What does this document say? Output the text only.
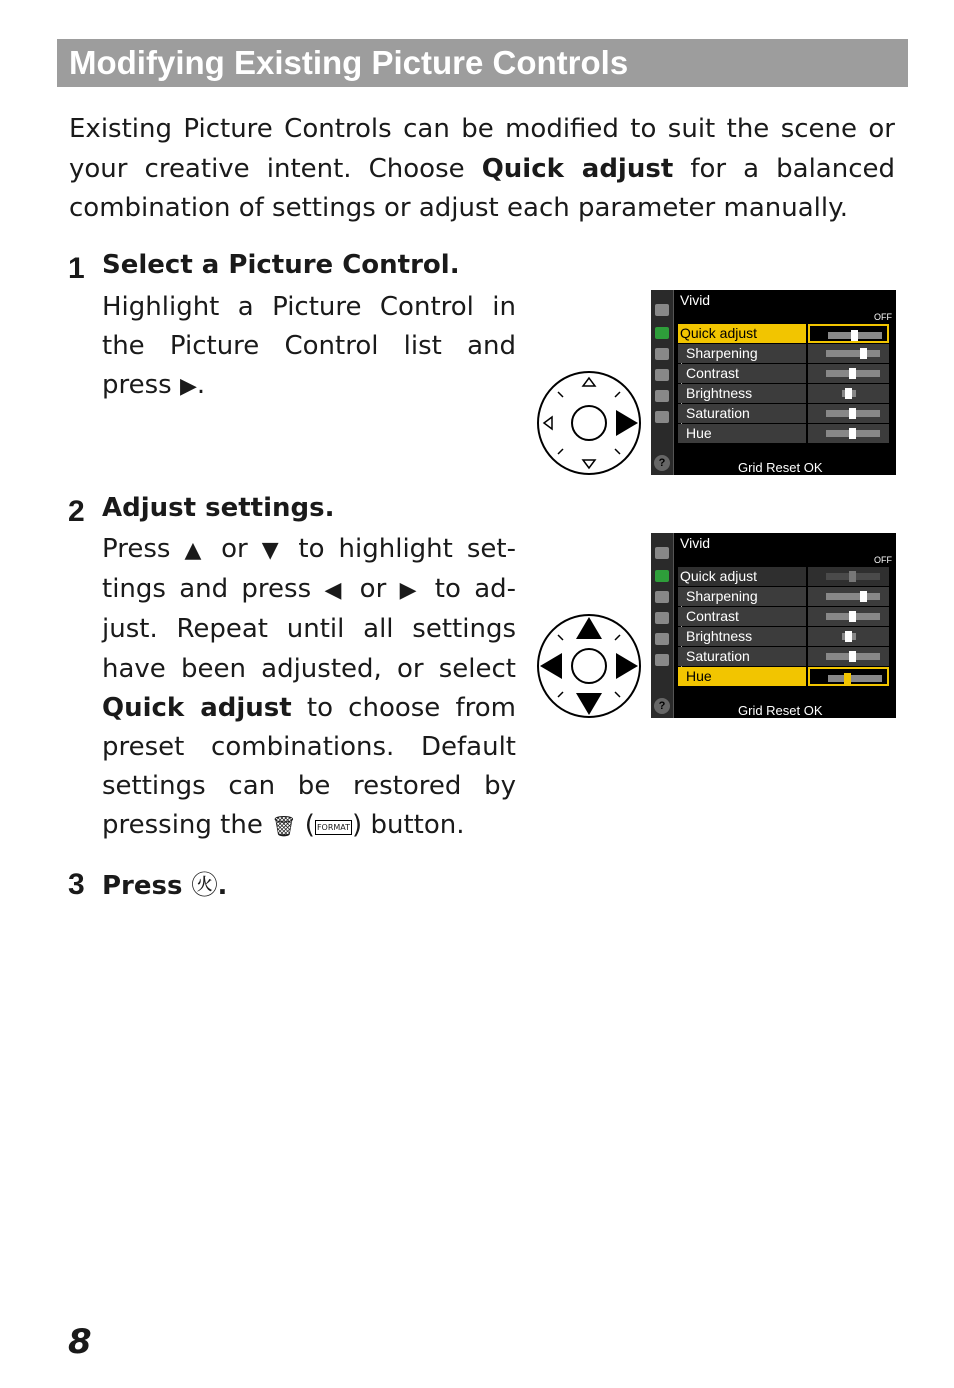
Modifying Existing Picture Controls

Existing Picture Controls can be modified to suit the scene or your creative intent. Choose Quick adjust for a balanced combination of settings or adjust each parameter manually.

1 Select a Picture Control.

Highlight a Picture Control in the Picture Control list and press ▶.

?
Vivid
OFF
Quick adjust
Sharpening
Contrast
Brightness
Saturation
Hue
Grid Reset OK
2 Adjust settings.

Press ▲ or ▼ to highlight set-tings and press ◀ or ▶ to ad-just. Repeat until all settings have been adjusted, or select Quick adjust to choose from preset combinations. Default settings can be restored by pressing the 🗑 ( FORMAT) button.

?
Vivid
OFF
Quick adjust
Sharpening
Contrast
Brightness
Saturation
Hue
Grid Reset OK
3 Press ㊋.
8
